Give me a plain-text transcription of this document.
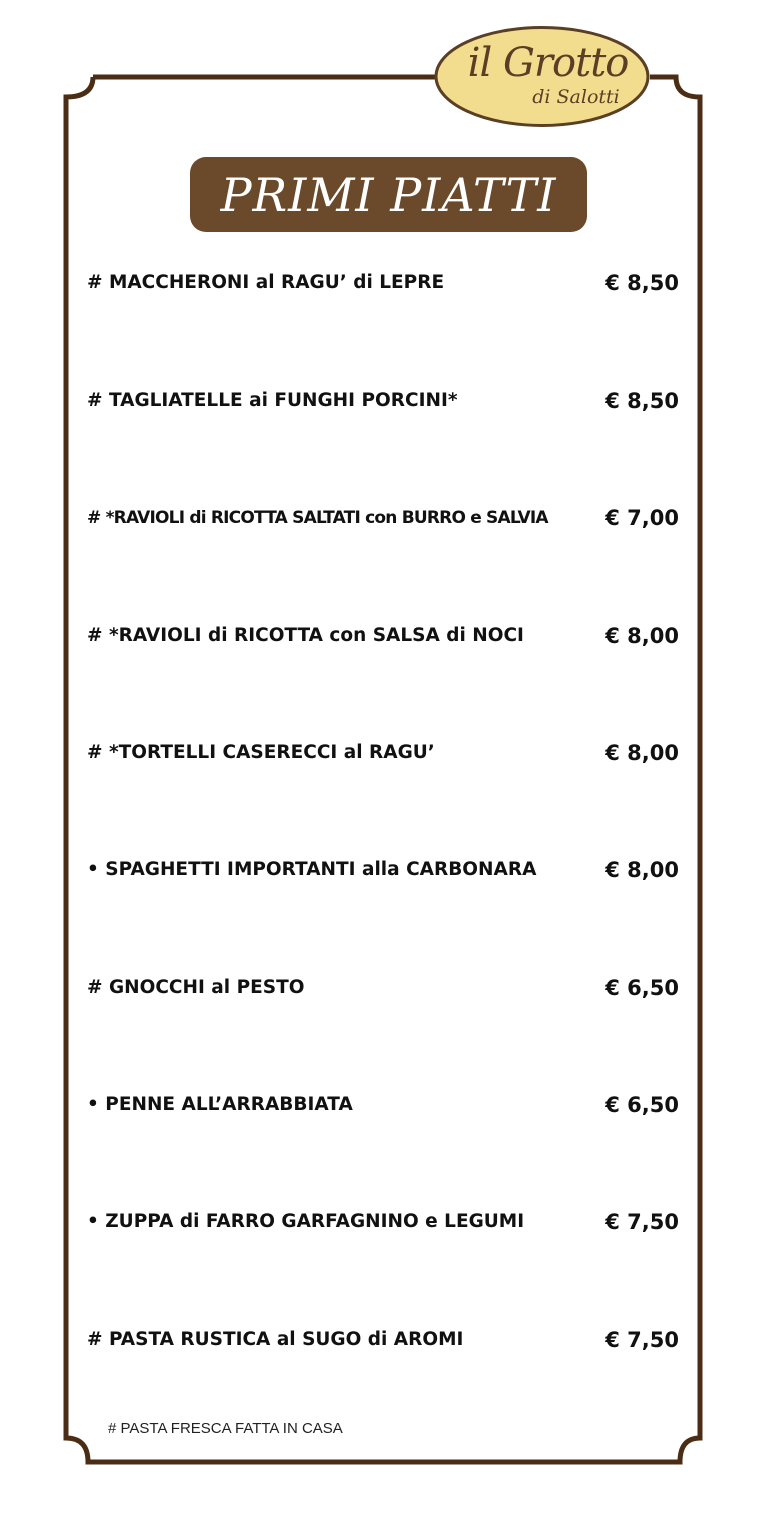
il Grotto
di Salotti
PRIMI PIATTI
# MACCHERONI al RAGU’ di LEPRE	€ 8,50
# TAGLIATELLE ai FUNGHI PORCINI*	€ 8,50
# *RAVIOLI di RICOTTA SALTATI con BURRO e SALVIA	€ 7,00
# *RAVIOLI di RICOTTA con SALSA di NOCI	€ 8,00
# *TORTELLI CASERECCI al RAGU’	€ 8,00
• SPAGHETTI IMPORTANTI alla CARBONARA	€ 8,00
# GNOCCHI al PESTO	€ 6,50
• PENNE ALL’ARRABBIATA	€ 6,50
• ZUPPA di FARRO GARFAGNINO e LEGUMI	€ 7,50
# PASTA RUSTICA al SUGO di AROMI	€ 7,50
# PASTA FRESCA FATTA IN CASA
